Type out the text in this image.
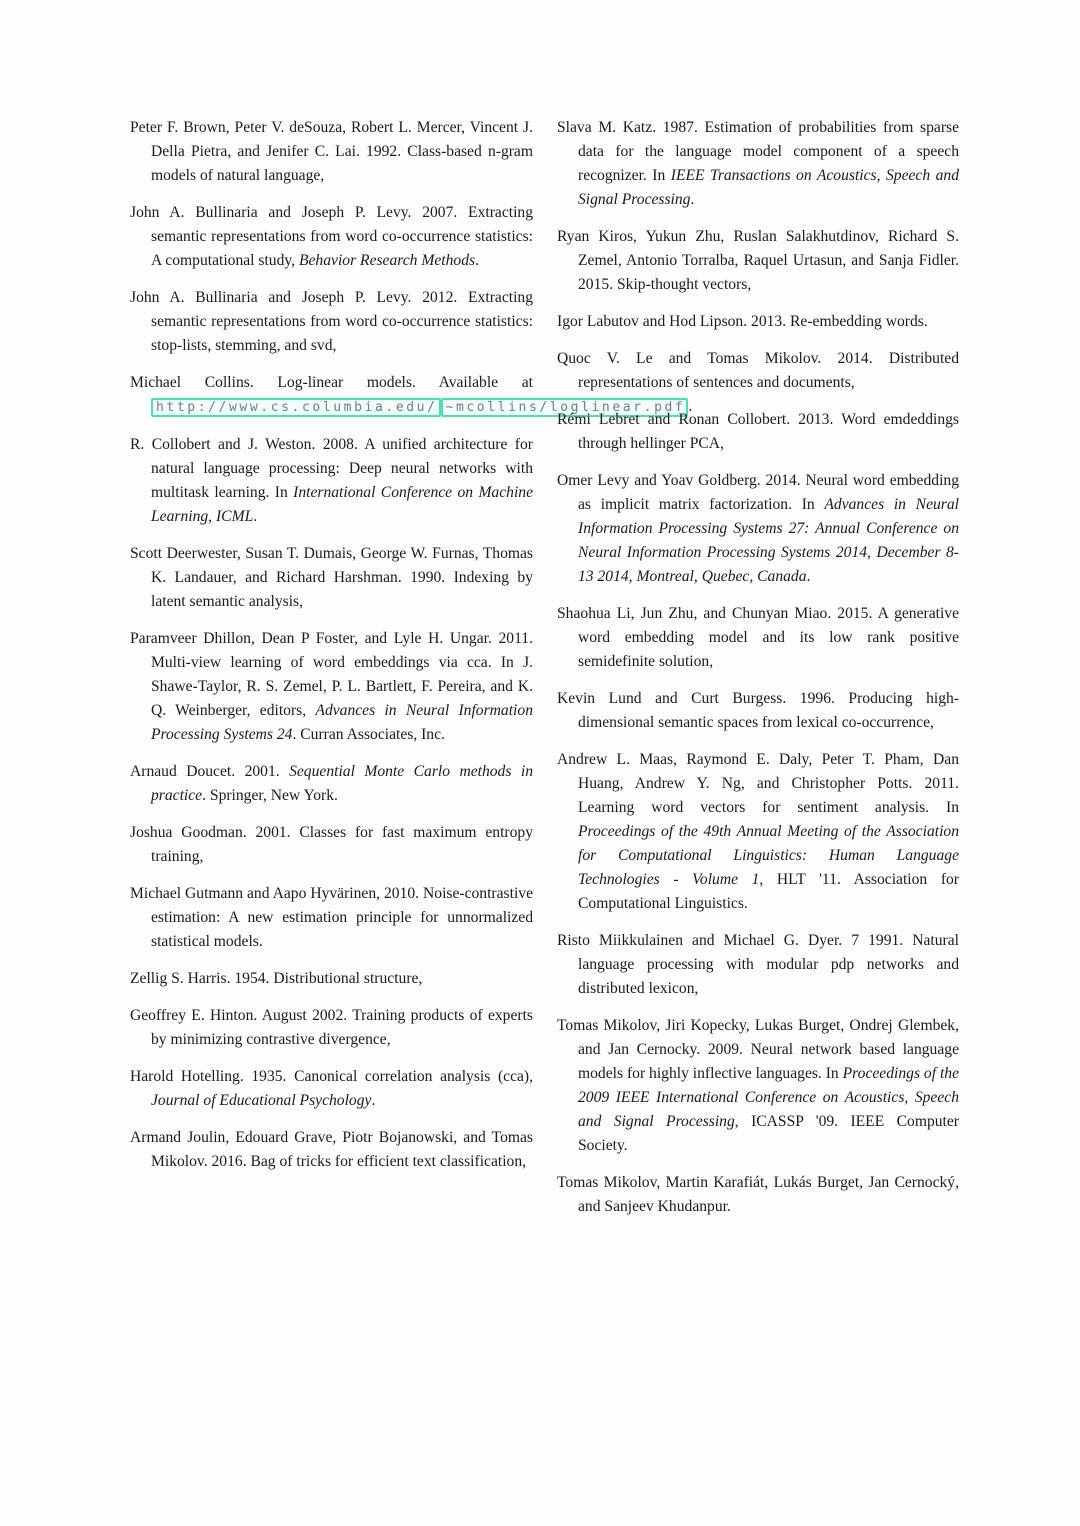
Peter F. Brown, Peter V. deSouza, Robert L. Mercer, Vincent J. Della Pietra, and Jenifer C. Lai. 1992. Class-based n-gram models of natural language,

John A. Bullinaria and Joseph P. Levy. 2007. Extracting semantic representations from word co-occurrence statistics: A computational study, Behavior Research Methods.

John A. Bullinaria and Joseph P. Levy. 2012. Extracting semantic representations from word co-occurrence statistics: stop-lists, stemming, and svd,

Michael Collins. Log-linear models. Available at http://www.cs.columbia.edu/ ~mcollins/loglinear.pdf .

R. Collobert and J. Weston. 2008. A unified architecture for natural language processing: Deep neural networks with multitask learning. In International Conference on Machine Learning, ICML.

Scott Deerwester, Susan T. Dumais, George W. Furnas, Thomas K. Landauer, and Richard Harshman. 1990. Indexing by latent semantic analysis,

Paramveer Dhillon, Dean P Foster, and Lyle H. Ungar. 2011. Multi-view learning of word embeddings via cca. In J. Shawe-Taylor, R. S. Zemel, P. L. Bartlett, F. Pereira, and K. Q. Weinberger, editors, Advances in Neural Information Processing Systems 24. Curran Associates, Inc.

Arnaud Doucet. 2001. Sequential Monte Carlo methods in practice. Springer, New York.

Joshua Goodman. 2001. Classes for fast maximum entropy training,

Michael Gutmann and Aapo Hyvärinen, 2010. Noise-contrastive estimation: A new estimation principle for unnormalized statistical models.

Zellig S. Harris. 1954. Distributional structure,

Geoffrey E. Hinton. August 2002. Training products of experts by minimizing contrastive divergence,

Harold Hotelling. 1935. Canonical correlation analysis (cca), Journal of Educational Psychology.

Armand Joulin, Edouard Grave, Piotr Bojanowski, and Tomas Mikolov. 2016. Bag of tricks for efficient text classification,

Slava M. Katz. 1987. Estimation of probabilities from sparse data for the language model component of a speech recognizer. In IEEE Transactions on Acoustics, Speech and Signal Processing.

Ryan Kiros, Yukun Zhu, Ruslan Salakhutdinov, Richard S. Zemel, Antonio Torralba, Raquel Urtasun, and Sanja Fidler. 2015. Skip-thought vectors,

Igor Labutov and Hod Lipson. 2013. Re-embedding words.

Quoc V. Le and Tomas Mikolov. 2014. Distributed representations of sentences and documents,

Rémi Lebret and Ronan Collobert. 2013. Word emdeddings through hellinger PCA,

Omer Levy and Yoav Goldberg. 2014. Neural word embedding as implicit matrix factorization. In Advances in Neural Information Processing Systems 27: Annual Conference on Neural Information Processing Systems 2014, December 8-13 2014, Montreal, Quebec, Canada.

Shaohua Li, Jun Zhu, and Chunyan Miao. 2015. A generative word embedding model and its low rank positive semidefinite solution,

Kevin Lund and Curt Burgess. 1996. Producing high-dimensional semantic spaces from lexical co-occurrence,

Andrew L. Maas, Raymond E. Daly, Peter T. Pham, Dan Huang, Andrew Y. Ng, and Christopher Potts. 2011. Learning word vectors for sentiment analysis. In Proceedings of the 49th Annual Meeting of the Association for Computational Linguistics: Human Language Technologies - Volume 1, HLT '11. Association for Computational Linguistics.

Risto Miikkulainen and Michael G. Dyer. 7 1991. Natural language processing with modular pdp networks and distributed lexicon,

Tomas Mikolov, Jiri Kopecky, Lukas Burget, Ondrej Glembek, and Jan Cernocky. 2009. Neural network based language models for highly inflective languages. In Proceedings of the 2009 IEEE International Conference on Acoustics, Speech and Signal Processing, ICASSP '09. IEEE Computer Society.

Tomas Mikolov, Martin Karafiát, Lukás Burget, Jan Cernocký, and Sanjeev Khudanpur.
